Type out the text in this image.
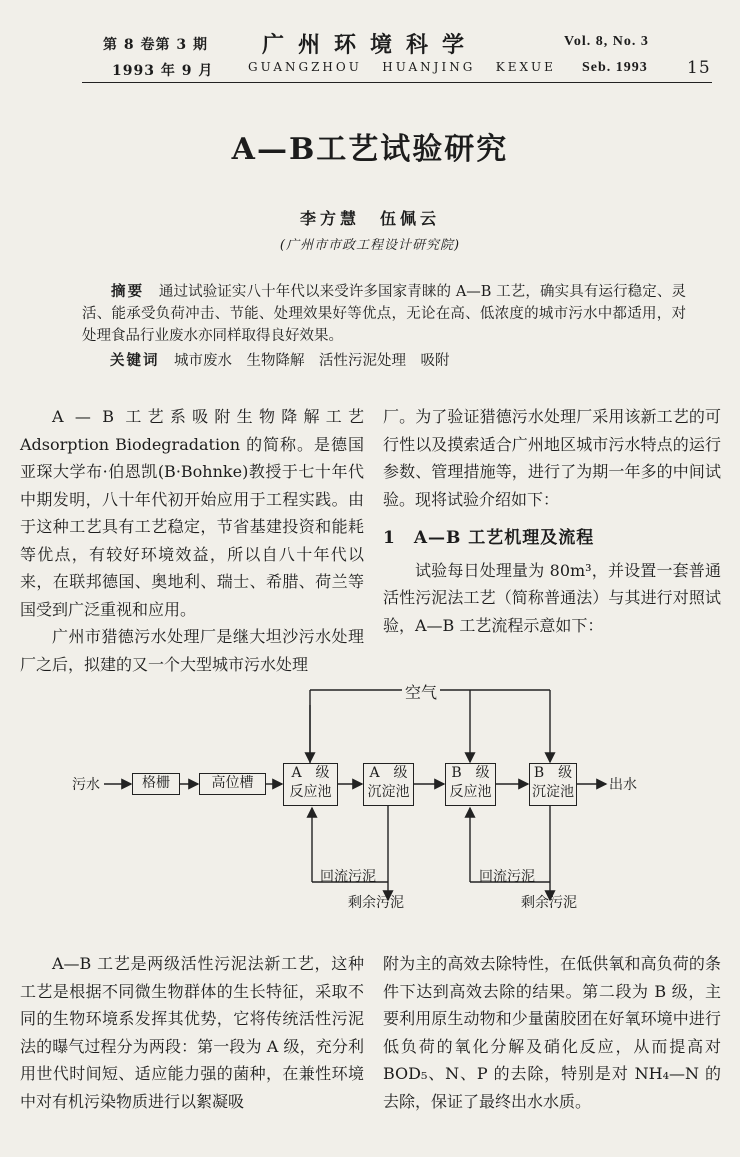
第 8 卷第 3 期
1993 年 9 月
广州环境科学
GUANGZHOU   HUANJING   KEXUE
Vol. 8, No. 3
Seb. 1993 15
A—B工艺试验研究
李方慧　伍佩云
(广州市市政工程设计研究院)
摘要　 通过试验证实八十年代以来受许多国家青睐的 A—B 工艺，确实具有运行稳定、灵活、能承受负荷冲击、节能、处理效果好等优点，无论在高、低浓度的城市污水中都适用，对处理食品行业废水亦同样取得良好效果。
关键词　 城市废水　生物降解　活性污泥处理　吸附

A — B 工艺系吸附生物降解工艺 Adsorption Biodegradation 的简称。是德国亚琛大学布·伯恩凯(B·Bohnke)教授于七十年代中期发明，八十年代初开始应用于工程实践。由于这种工艺具有工艺稳定，节省基建投资和能耗等优点，有较好环境效益，所以自八十年代以来，在联邦德国、奥地利、瑞士、希腊、荷兰等国受到广泛重视和应用。

广州市猎德污水处理厂是继大坦沙污水处理厂之后，拟建的又一个大型城市污水处理

厂。为了验证猎德污水处理厂采用该新工艺的可行性以及摸索适合广州地区城市污水特点的运行参数、管理措施等，进行了为期一年多的中间试验。现将试验介绍如下：

1　A—B 工艺机理及流程

试验每日处理量为 80m³，并设置一套普通活性污泥法工艺（简称普通法）与其进行对照试验，A—B 工艺流程示意如下：

空气
污水	格栅	高位槽
A　级
反应池
A　级
沉淀池
B　级
反应池
B　级
沉淀池	出水
回流污泥
剩余污泥
回流污泥
剩余污泥

A—B 工艺是两级活性污泥法新工艺，这种工艺是根据不同微生物群体的生长特征，采取不同的生物环境系发挥其优势，它将传统活性污泥法的曝气过程分为两段：第一段为 A 级，充分利用世代时间短、适应能力强的菌种，在兼性环境中对有机污染物质进行以絮凝吸

附为主的高效去除特性，在低供氧和高负荷的条件下达到高效去除的结果。第二段为 B 级，主要利用原生动物和少量菌胶团在好氧环境中进行低负荷的氧化分解及硝化反应，从而提高对 BOD₅、N、P 的去除，特别是对 NH₄—N 的去除，保证了最终出水水质。
